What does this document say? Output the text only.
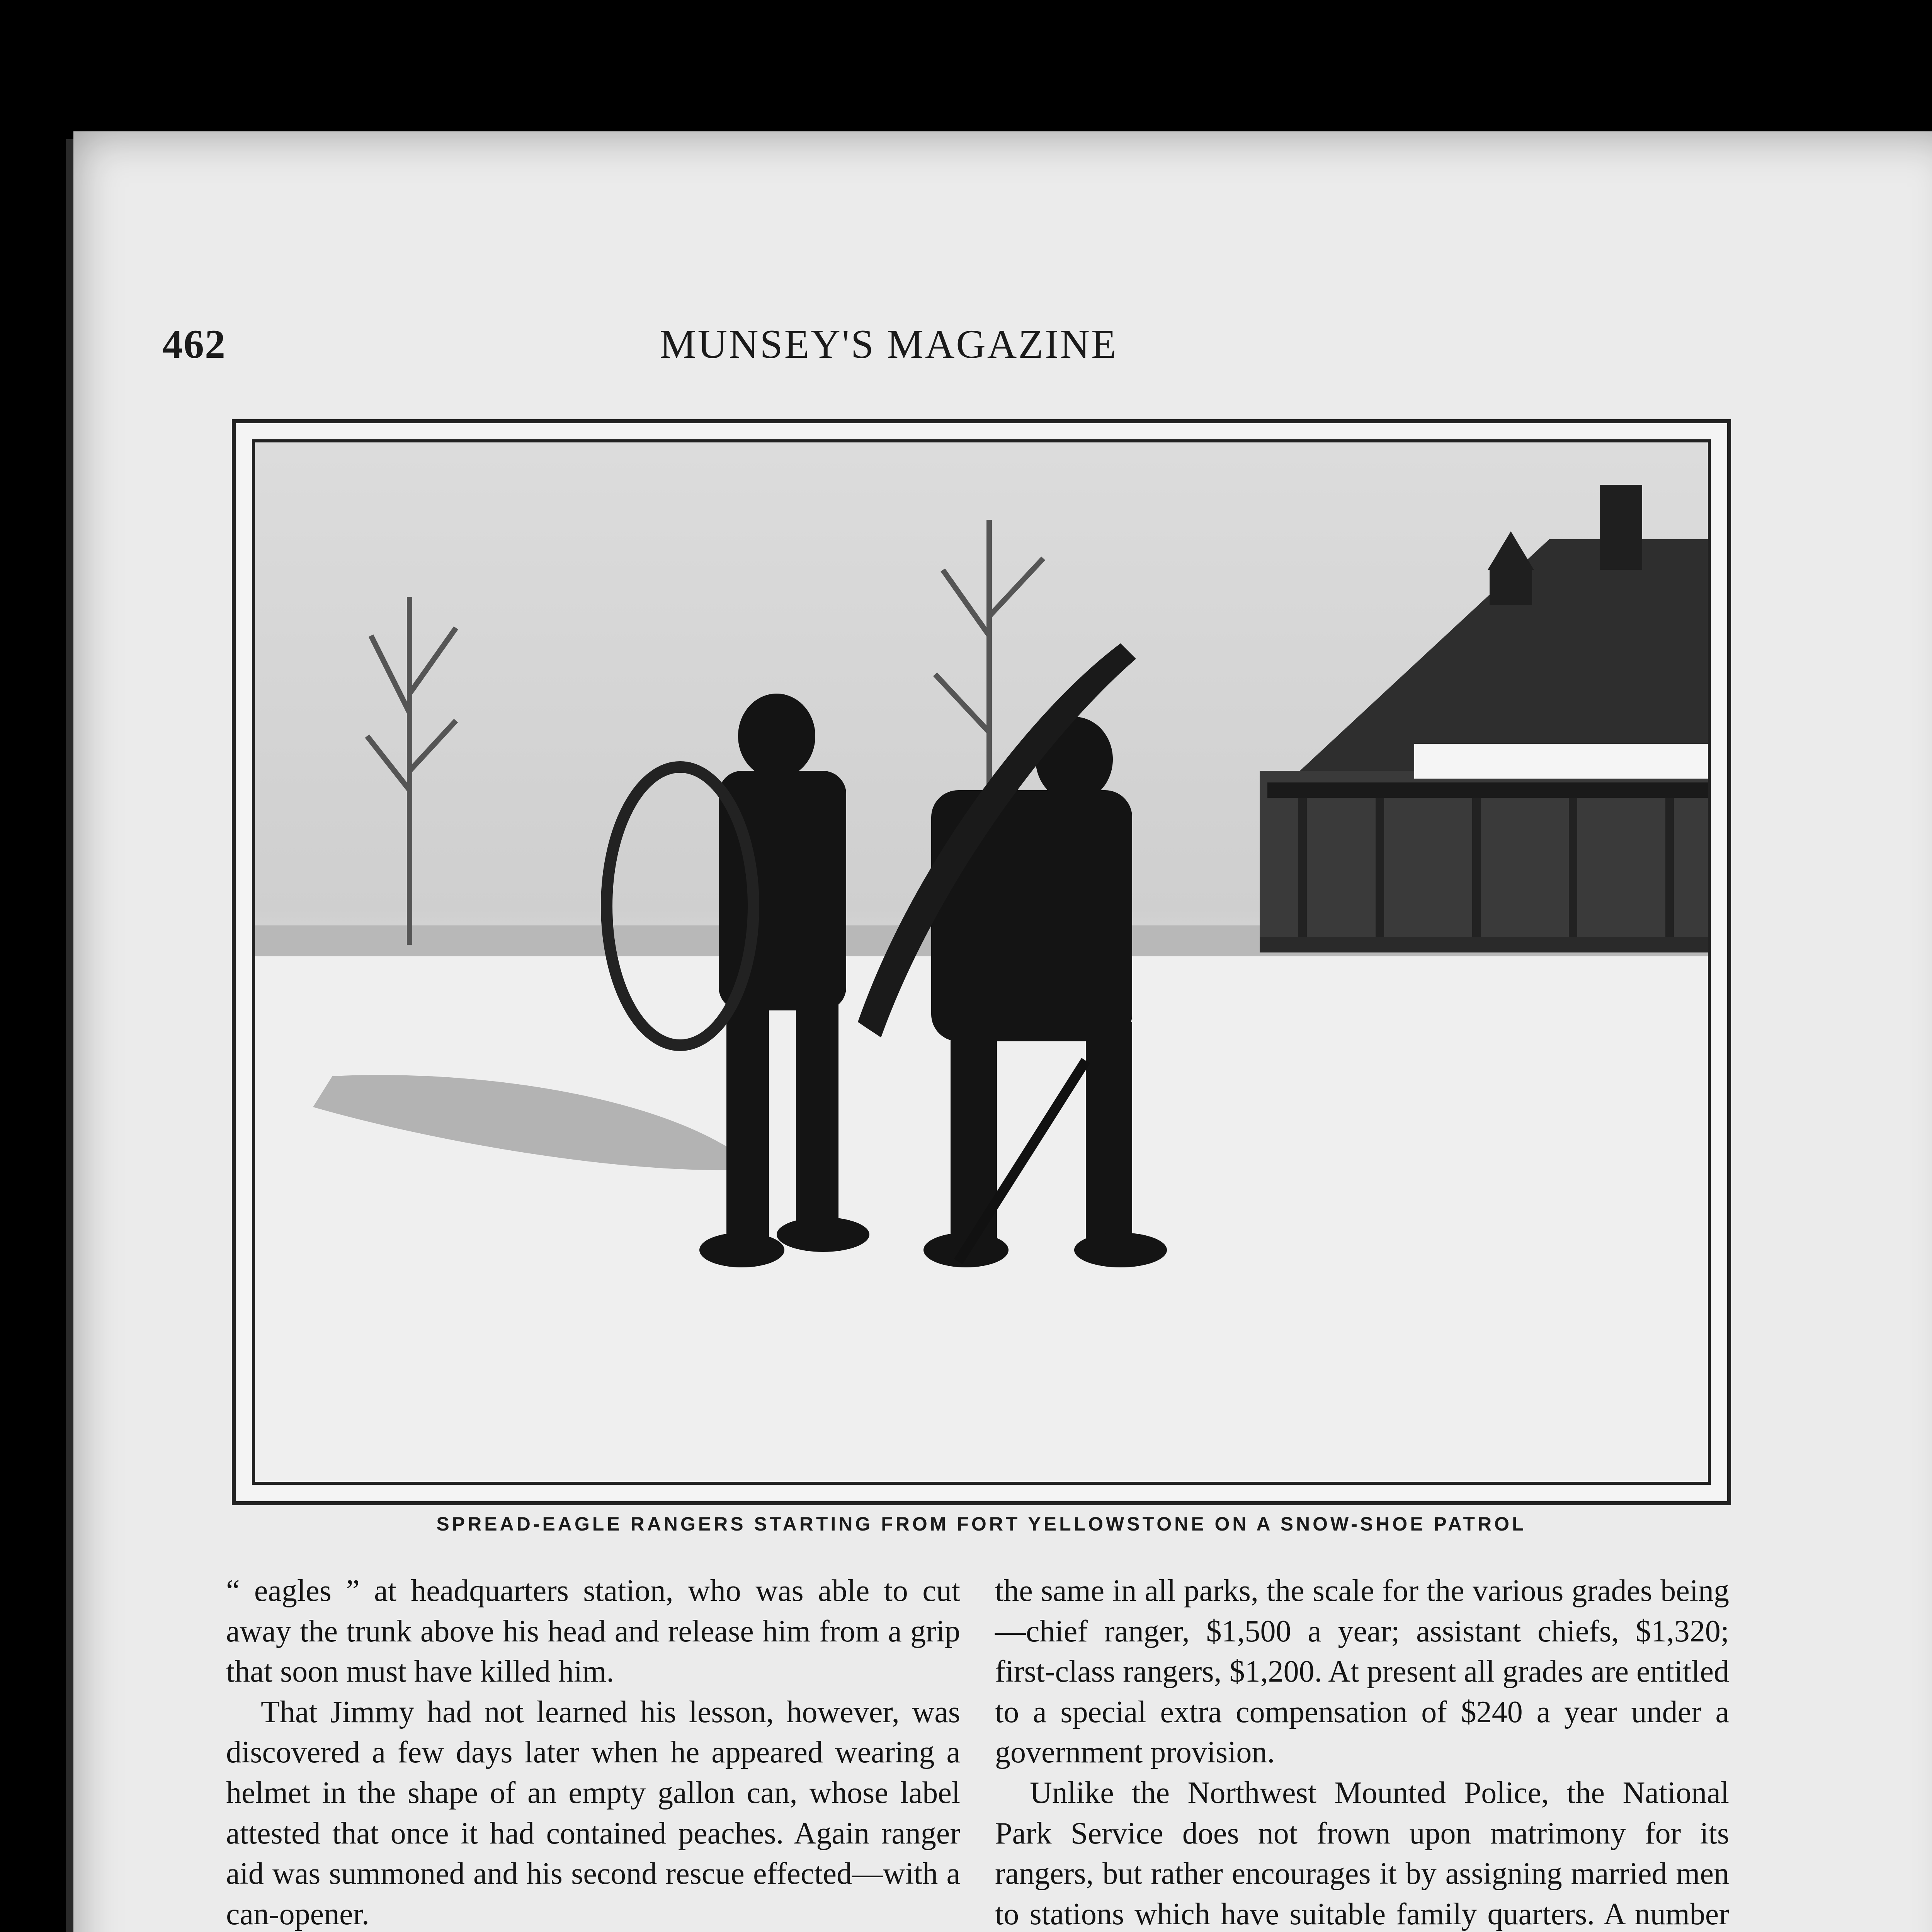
462	MUNSEY'S MAGAZINE
SPREAD-EAGLE RANGERS STARTING FROM FORT YELLOWSTONE ON A SNOW-SHOE PATROL

“ eagles ” at headquarters station, who was able to cut away the trunk above his head and release him from a grip that soon must have killed him.

That Jimmy had not learned his lesson, however, was discovered a few days later when he appeared wearing a helmet in the shape of an empty gallon can, whose label attested that once it had contained peaches. Again ranger aid was summoned and his second rescue effected—with a can-opener.

the same in all parks, the scale for the various grades being—chief ranger, $1,500 a year; assistant chiefs, $1,320; first-class rangers, $1,200. At present all grades are entitled to a special extra compensation of $240 a year under a government provision.

Unlike the Northwest Mounted Police, the National Park Service does not frown upon matrimony for its rangers, but rather encourages it by assigning married men to stations which have suitable family quarters. A number
